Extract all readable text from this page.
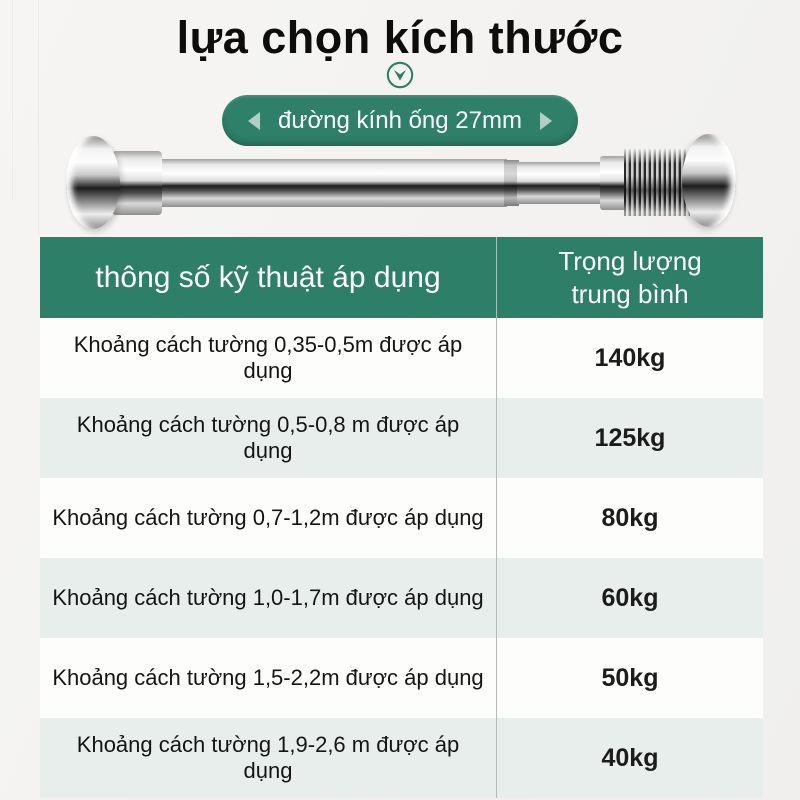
lựa chọn kích thước
đường kính ống 27mm
thông số kỹ thuật áp dụng	Trọng lượng trung bình
Khoảng cách tường 0,35-0,5m được áp dụng	140kg
Khoảng cách tường 0,5-0,8 m được áp dụng	125kg
Khoảng cách tường 0,7-1,2m được áp dụng	80kg
Khoảng cách tường 1,0-1,7m được áp dụng	60kg
Khoảng cách tường 1,5-2,2m được áp dụng	50kg
Khoảng cách tường 1,9-2,6 m được áp dụng	40kg
